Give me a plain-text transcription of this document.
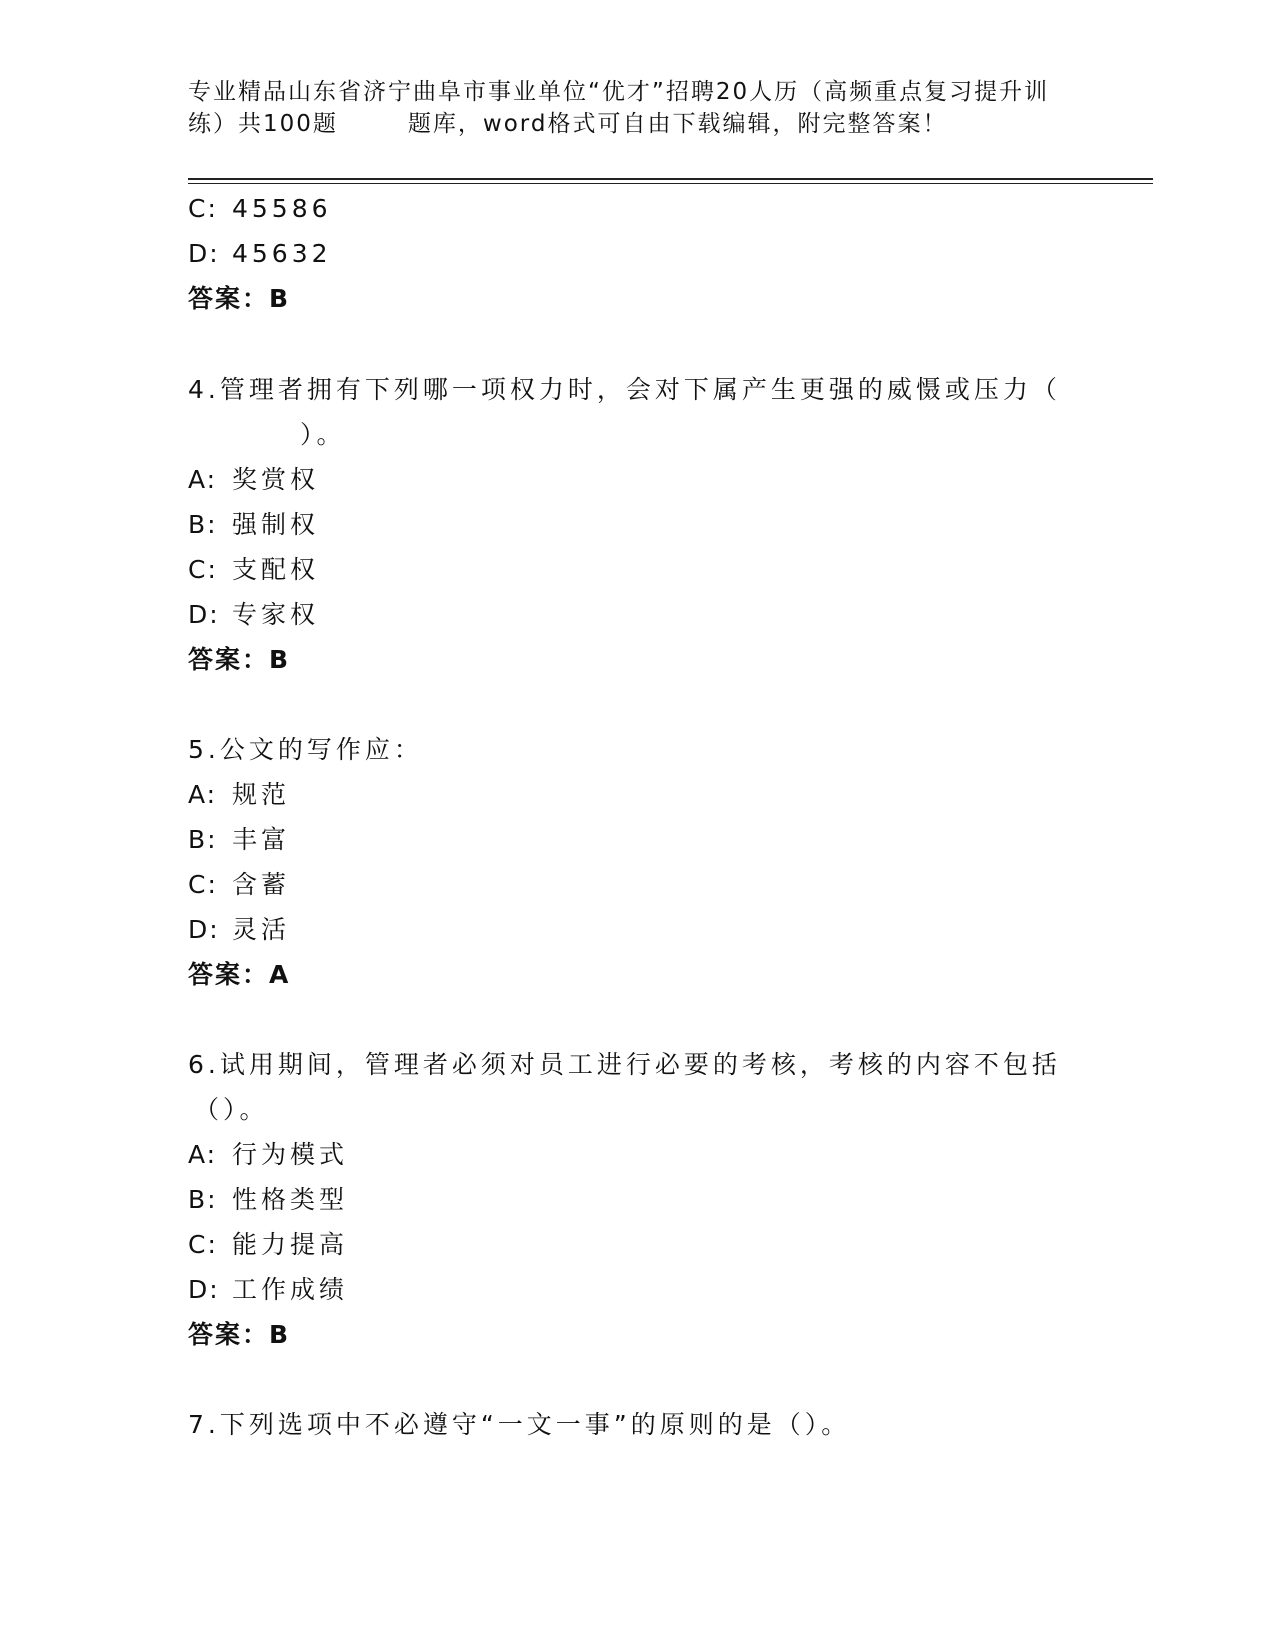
专业精品山东省济宁曲阜市事业单位“优才”招聘20人历（高频重点复习提升训
练）共100题	题库，word格式可自由下载编辑，附完整答案！
C: 45586
D: 45632
答案：B
4.管理者拥有下列哪一项权力时，会对下属产生更强的威慑或压力（
）。
A: 奖赏权
B: 强制权
C: 支配权
D: 专家权
答案：B
5.公文的写作应：
A: 规范
B: 丰富
C: 含蓄
D: 灵活
答案：A
6.试用期间，管理者必须对员工进行必要的考核，考核的内容不包括
（）。
A: 行为模式
B: 性格类型
C: 能力提高
D: 工作成绩
答案：B
7.下列选项中不必遵守“一文一事”的原则的是（）。
